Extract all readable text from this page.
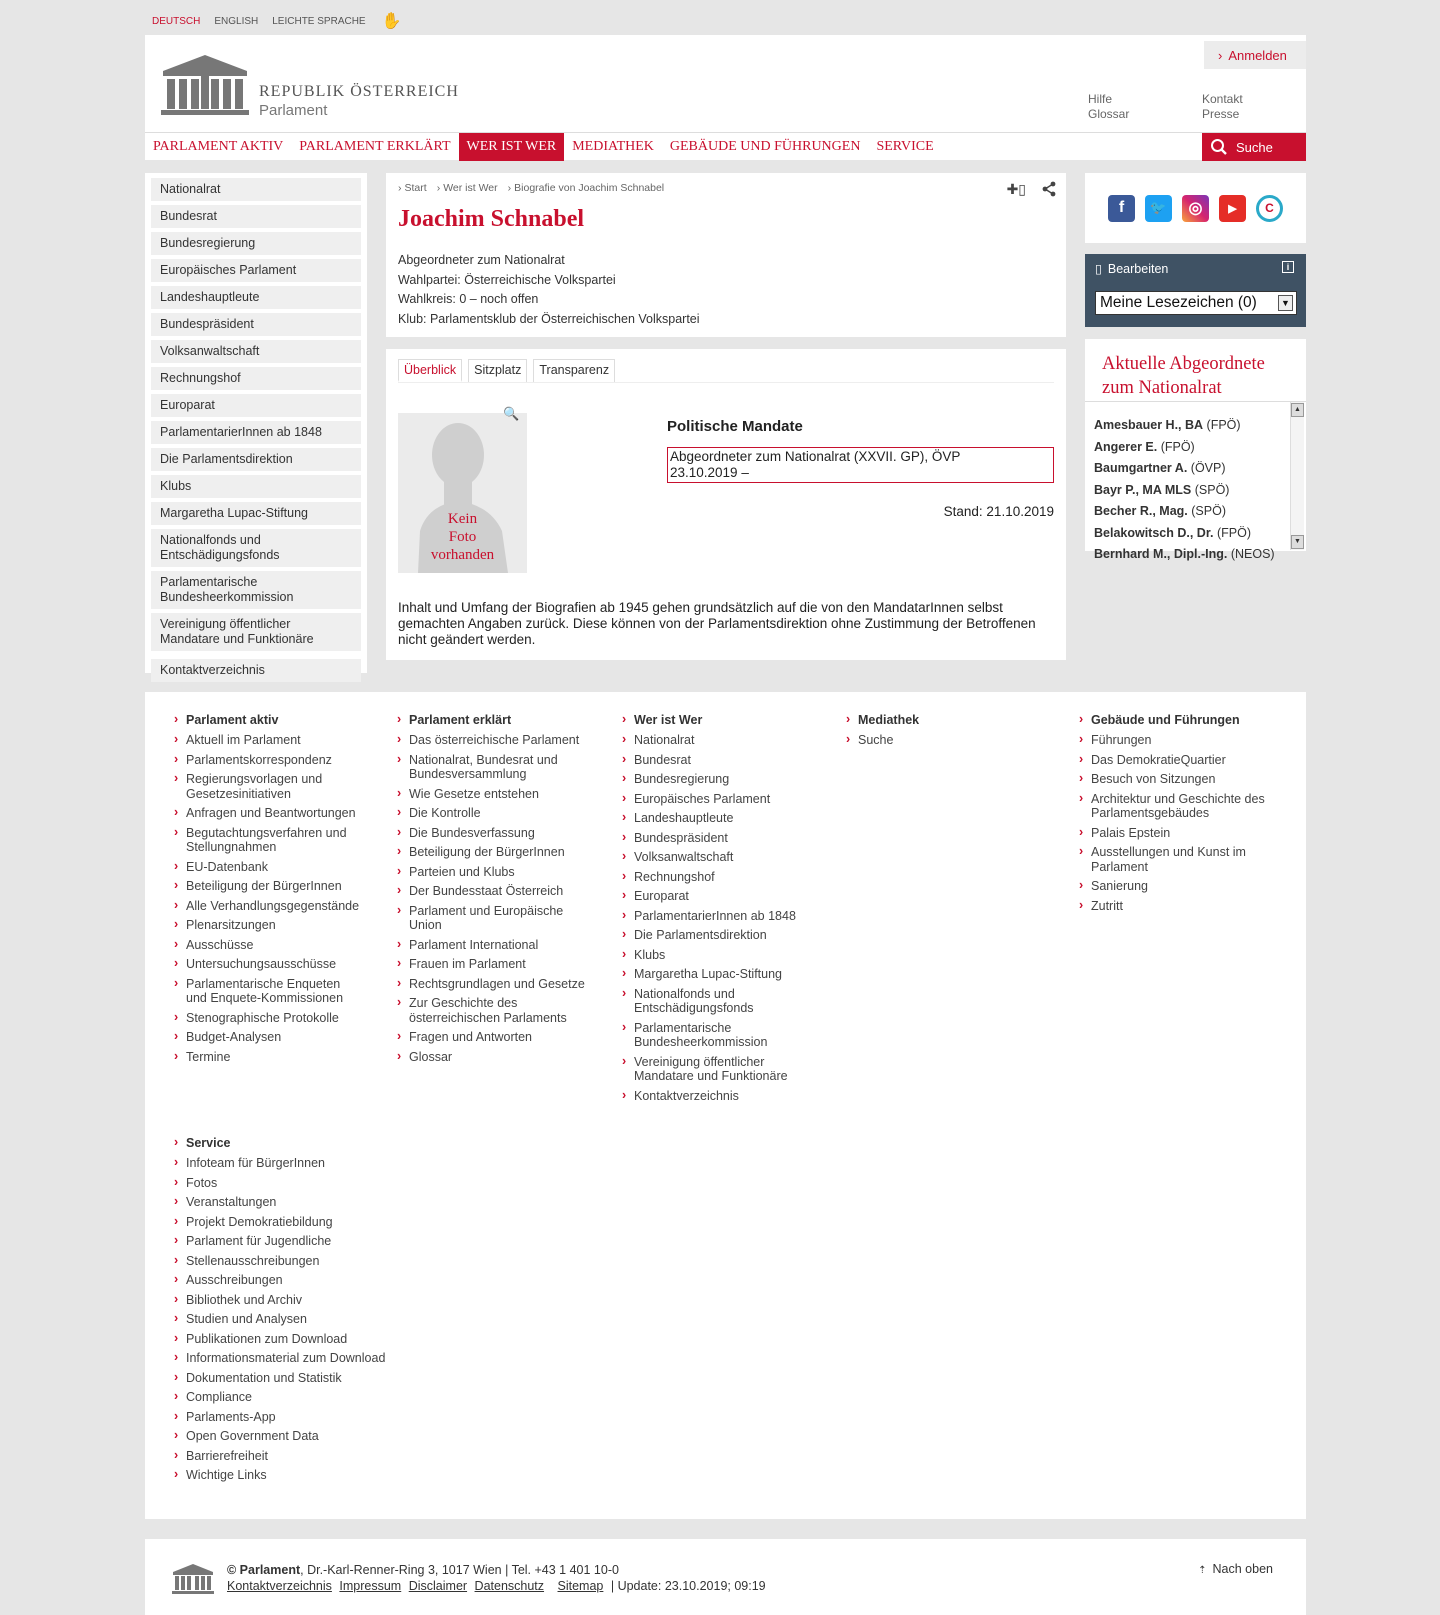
DEUTSCH ENGLISH LEICHTE SPRACHE ✋
REPUBLIK ÖSTERREICH
Parlament
› Anmelden
Hilfe	Kontakt
Glossar	Presse
PARLAMENT AKTIV	PARLAMENT ERKLÄRT	WER IST WER	MEDIATHEK	GEBÄUDE UND FÜHRUNGEN	SERVICE	Suche
Nationalrat
Bundesrat
Bundesregierung
Europäisches Parlament
Landeshauptleute
Bundespräsident
Volksanwaltschaft
Rechnungshof
Europarat
ParlamentarierInnen ab 1848
Die Parlamentsdirektion
Klubs
Margaretha Lupac-Stiftung
Nationalfonds und Entschädigungsfonds
Parlamentarische Bundesheerkommission
Vereinigung öffentlicher Mandatare und Funktionäre
Kontaktverzeichnis
› Start	› Wer ist Wer	› Biografie von Joachim Schnabel	✚▯
Joachim Schnabel
Abgeordneter zum Nationalrat
Wahlpartei: Österreichische Volkspartei
Wahlkreis: 0 – noch offen
Klub: Parlamentsklub der Österreichischen Volkspartei
Überblick	Sitzplatz	Transparenz
Kein
Foto
vorhanden
🔍
Politische Mandate
Abgeordneter zum Nationalrat (XXVII. GP), ÖVP
23.10.2019 –
Stand: 21.10.2019

Inhalt und Umfang der Biografien ab 1945 gehen grundsätzlich auf die von den MandatarInnen selbst gemachten Angaben zurück. Diese können von der Parlamentsdirektion ohne Zustimmung der Betroffenen nicht geändert werden.

f	🐦	◎	▶	C
▯ Bearbeiten	i
Meine Lesezeichen (0)	▼
Aktuelle Abgeordnete
zum Nationalrat
Amesbauer H., BA (FPÖ)
Angerer E. (FPÖ)
Baumgartner A. (ÖVP)
Bayr P., MA MLS (SPÖ)
Becher R., Mag. (SPÖ)
Belakowitsch D., Dr. (FPÖ)
Bernhard M., Dipl.-Ing. (NEOS)
▲
▼
› Parlament aktiv
› Aktuell im Parlament
› Parlamentskorrespondenz
› Regierungsvorlagen und Gesetzesinitiativen
› Anfragen und Beantwortungen
› Begutachtungsverfahren und Stellungnahmen
› EU-Datenbank
› Beteiligung der BürgerInnen
› Alle Verhandlungsgegenstände
› Plenarsitzungen
› Ausschüsse
› Untersuchungsausschüsse
› Parlamentarische Enqueten und Enquete-Kommissionen
› Stenographische Protokolle
› Budget-Analysen
› Termine
› Parlament erklärt
› Das österreichische Parlament
› Nationalrat, Bundesrat und Bundesversammlung
› Wie Gesetze entstehen
› Die Kontrolle
› Die Bundesverfassung
› Beteiligung der BürgerInnen
› Parteien und Klubs
› Der Bundesstaat Österreich
› Parlament und Europäische Union
› Parlament International
› Frauen im Parlament
› Rechtsgrundlagen und Gesetze
› Zur Geschichte des österreichischen Parlaments
› Fragen und Antworten
› Glossar
› Wer ist Wer
› Nationalrat
› Bundesrat
› Bundesregierung
› Europäisches Parlament
› Landeshauptleute
› Bundespräsident
› Volksanwaltschaft
› Rechnungshof
› Europarat
› ParlamentarierInnen ab 1848
› Die Parlamentsdirektion
› Klubs
› Margaretha Lupac-Stiftung
› Nationalfonds und Entschädigungsfonds
› Parlamentarische Bundesheerkommission
› Vereinigung öffentlicher Mandatare und Funktionäre
› Kontaktverzeichnis
› Mediathek
› Suche
› Gebäude und Führungen
› Führungen
› Das DemokratieQuartier
› Besuch von Sitzungen
› Architektur und Geschichte des Parlamentsgebäudes
› Palais Epstein
› Ausstellungen und Kunst im Parlament
› Sanierung
› Zutritt
› Service
› Infoteam für BürgerInnen
› Fotos
› Veranstaltungen
› Projekt Demokratiebildung
› Parlament für Jugendliche
› Stellenausschreibungen
› Ausschreibungen
› Bibliothek und Archiv
› Studien und Analysen
› Publikationen zum Download
› Informationsmaterial zum Download
› Dokumentation und Statistik
› Compliance
› Parlaments-App
› Open Government Data
› Barrierefreiheit
› Wichtige Links
© Parlament, Dr.-Karl-Renner-Ring 3, 1017 Wien | Tel. +43 1 401 10-0
Kontaktverzeichnis Impressum Disclaimer Datenschutz Sitemap | Update: 23.10.2019; 09:19
⇡ Nach oben
